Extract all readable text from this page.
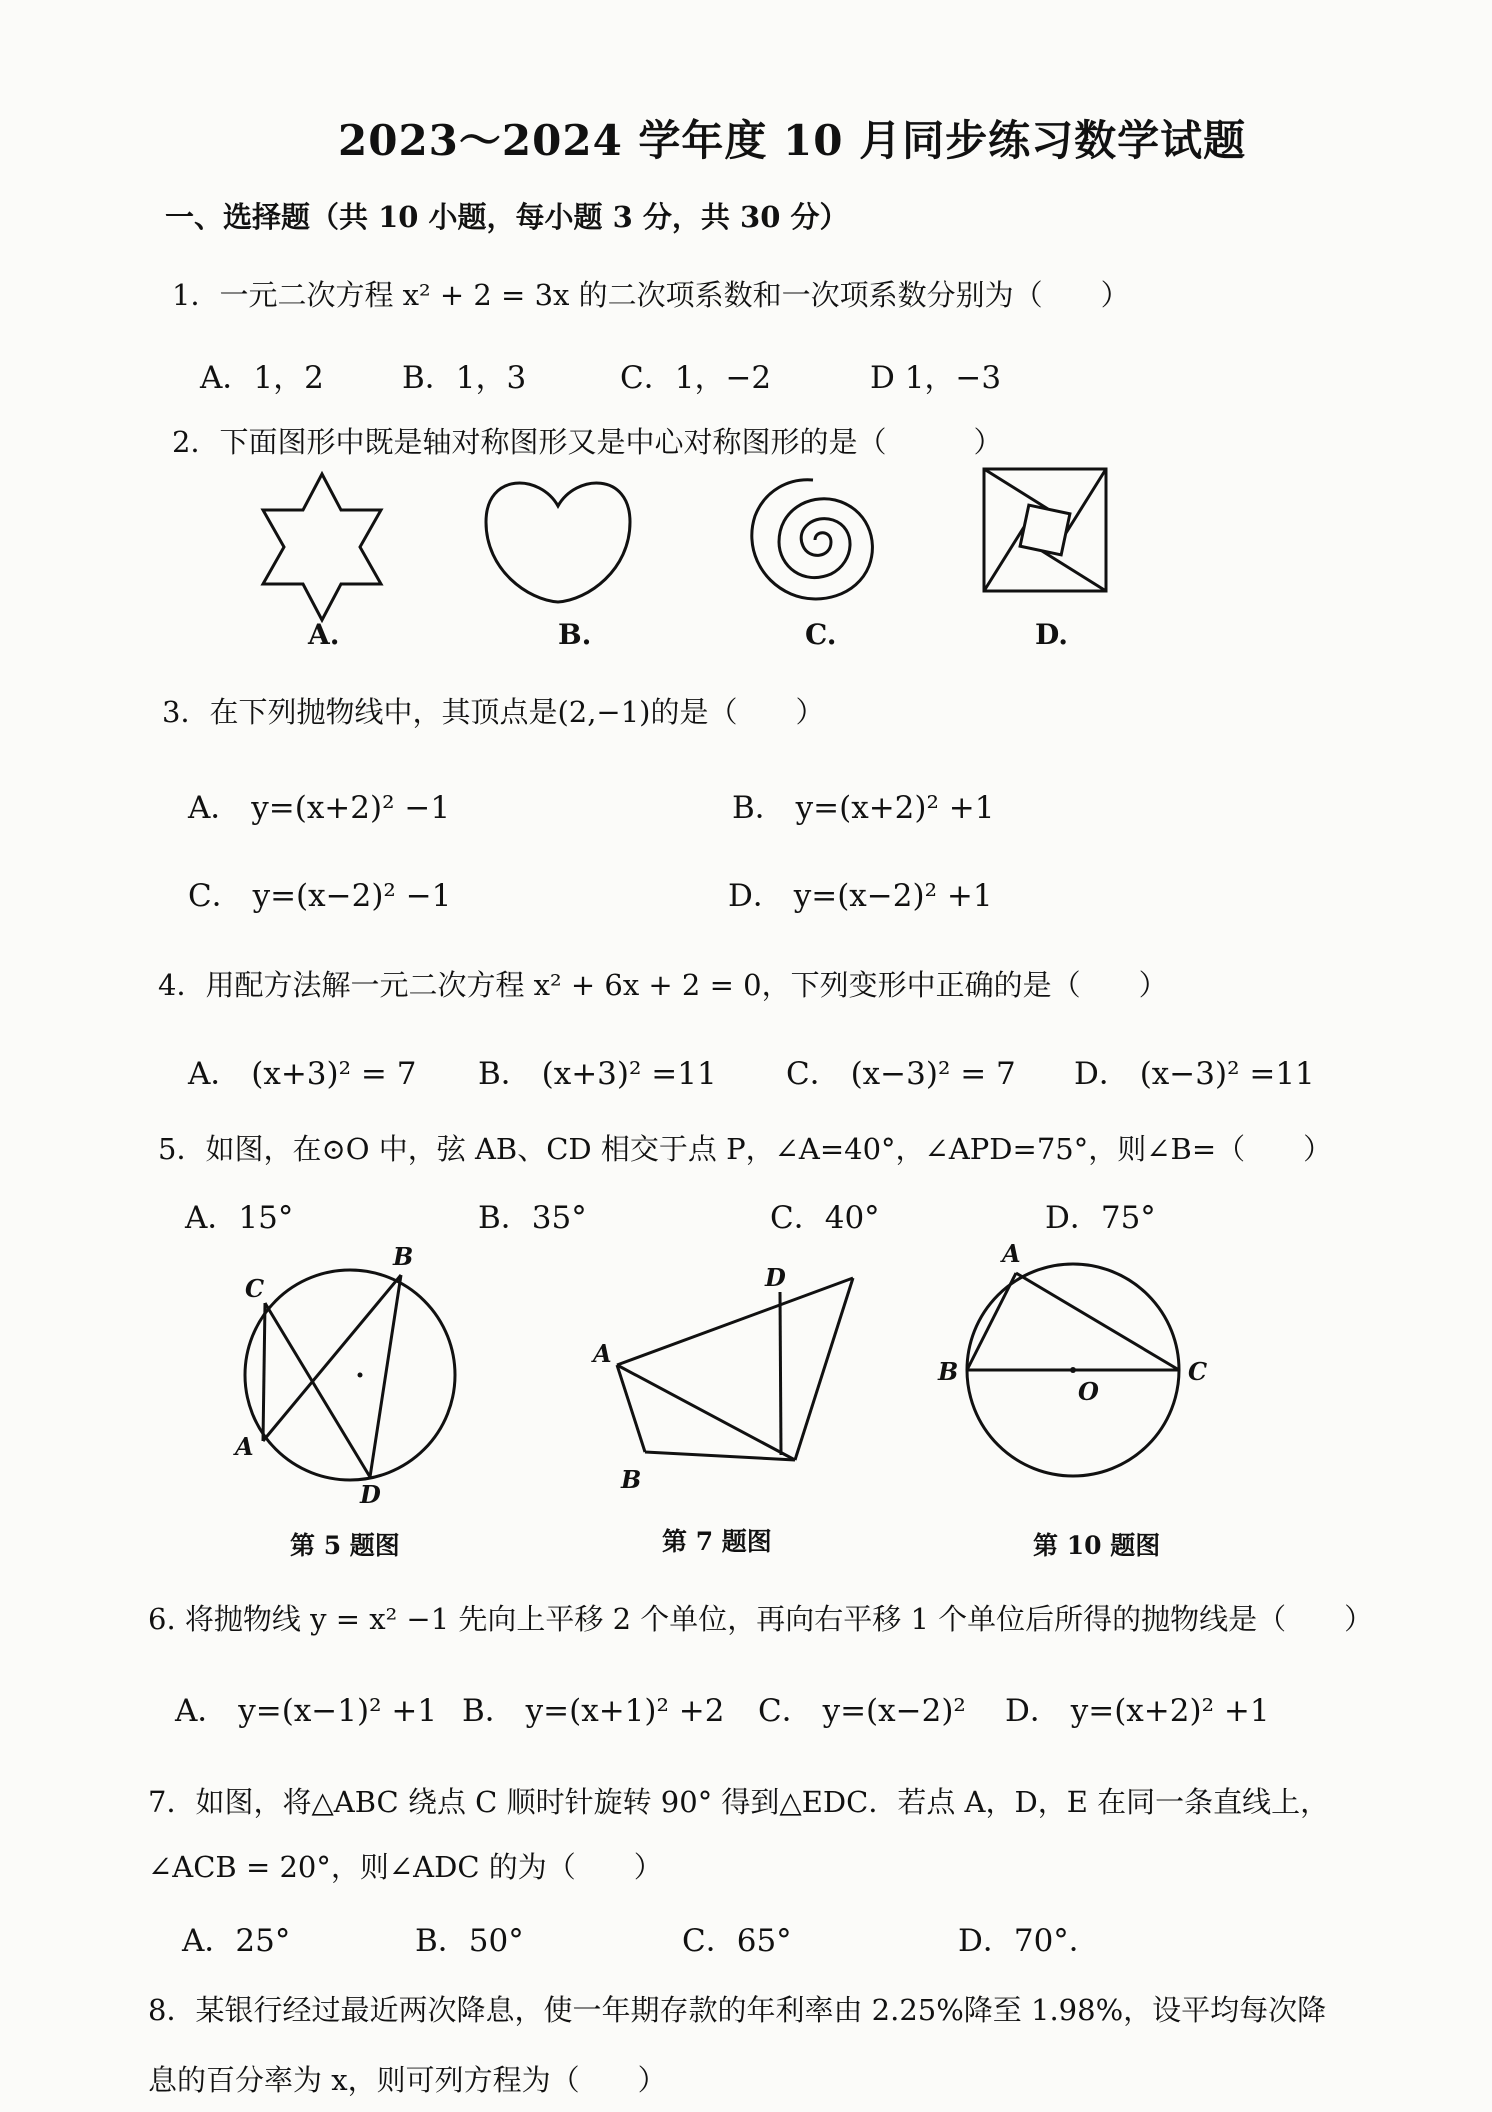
2023～2024 学年度 10 月同步练习数学试题
一、选择题（共 10 小题，每小题 3 分，共 30 分）
1．一元二次方程 x² + 2 = 3x 的二次项系数和一次项系数分别为（　　）
A．1，2	B．1，3	C．1，−2	D 1，−3
2．下面图形中既是轴对称图形又是中心对称图形的是（　　　）
A.	B.	C.	D.
3．在下列抛物线中，其顶点是(2,−1)的是（　　）
A． y=(x+2)² −1	B． y=(x+2)² +1
C． y=(x−2)² −1	D． y=(x−2)² +1
4．用配方法解一元二次方程 x² + 6x + 2 = 0，下列变形中正确的是（　　）
A． (x+3)² = 7 B． (x+3)² =11 C． (x−3)² = 7 D． (x−3)² =11
5．如图，在⊙O 中，弦 AB、CD 相交于点 P，∠A=40°，∠APD=75°，则∠B=（　　）
A．15°	B．35°	C．40°	D．75°
C
B
A
D
第 5 题图
D
A
B
第 7 题图
A
B
O
C
第 10 题图
6. 将抛物线 y = x² −1 先向上平移 2 个单位，再向右平移 1 个单位后所得的抛物线是（　　）
A． y=(x−1)² +1 B． y=(x+1)² +2 C． y=(x−2)² D． y=(x+2)² +1
7．如图，将△ABC 绕点 C 顺时针旋转 90° 得到△EDC．若点 A，D，E 在同一条直线上，
∠ACB = 20°，则∠ADC 的为（　　）
A．25°	B．50°	C．65°	D．70°．
8．某银行经过最近两次降息，使一年期存款的年利率由 2.25%降至 1.98%，设平均每次降
息的百分率为 x，则可列方程为（　　）
